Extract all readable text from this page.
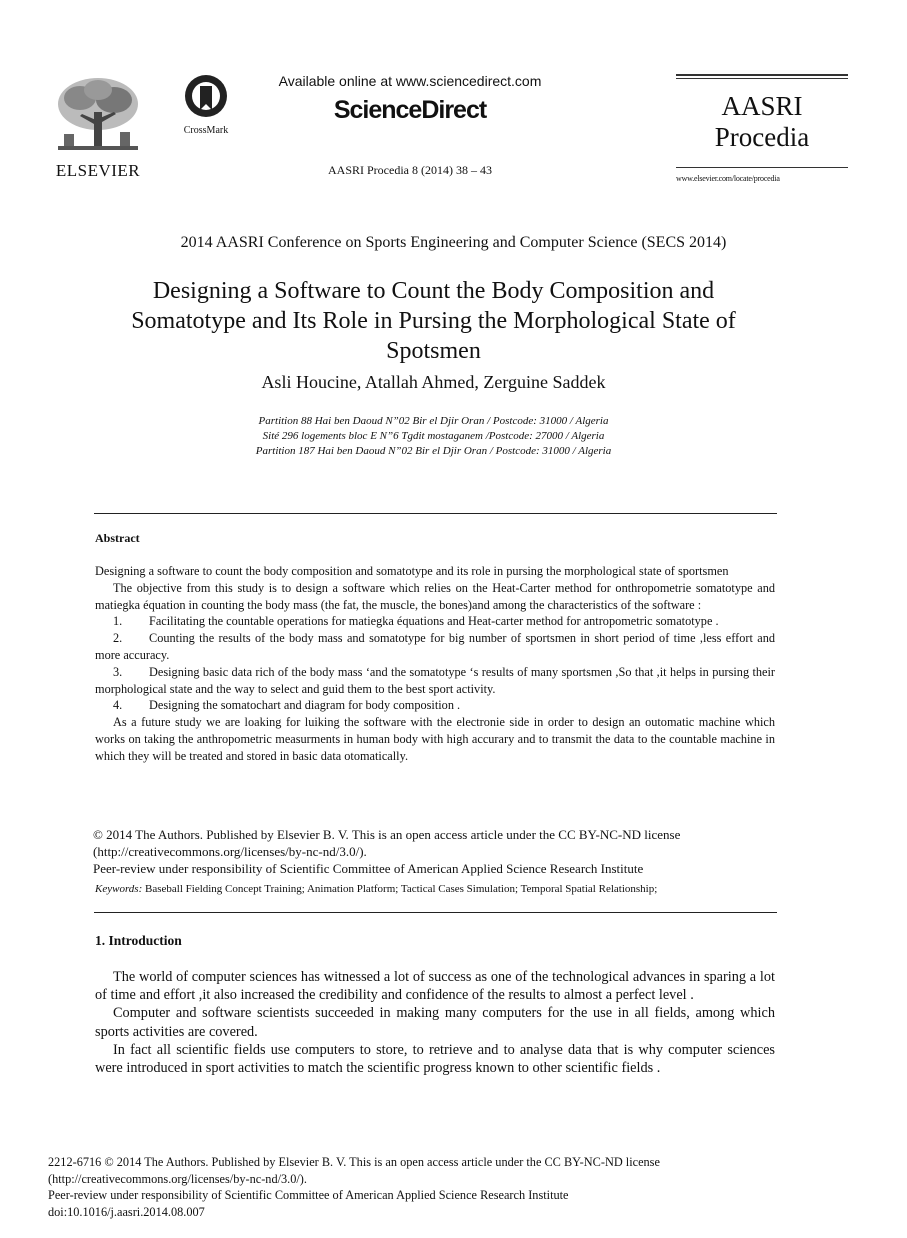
ELSEVIER
CrossMark
Available online at www.sciencedirect.com
ScienceDirect
AASRI Procedia 8 (2014) 38 – 43
AASRI
Procedia
www.elsevier.com/locate/procedia
2014 AASRI Conference on Sports Engineering and Computer Science (SECS 2014)
Designing a Software to Count the Body Composition and
Somatotype and Its Role in Pursing the Morphological State of
Spotsmen
Asli Houcine, Atallah Ahmed, Zerguine Saddek
Partition 88 Hai ben Daoud N”02 Bir el Djir Oran / Postcode: 31000 / Algeria
Sité 296 logements bloc E N”6 Tgdit mostaganem /Postcode: 27000 / Algeria
Partition 187 Hai ben Daoud N”02 Bir el Djir Oran / Postcode: 31000 / Algeria
Abstract

Designing a software to count the body composition and somatotype and its role in pursing the morphological state of sportsmen

The objective from this study is to design a software which relies on the Heat-Carter method for onthropometrie somatotype and matiegka équation in counting the body mass (the fat, the muscle, the bones)and among the characteristics of the software :

1. Facilitating the countable operations for matiegka équations and Heat-carter method for antropometric somatotype .

2. Counting the results of the body mass and somatotype for big number of sportsmen in short period of time ,less effort and more accuracy.

3. Designing basic data rich of the body mass ‘and the somatotype ‘s results of many sportsmen ,So that ,it helps in pursing their morphological state and the way to select and guid them to the best sport activity.

4. Designing the somatochart and diagram for body composition .

As a future study we are loaking for luiking the software with the electronie side in order to design an outomatic machine which works on taking the anthropometric measurments in human body with high accurary and to transmit the data to the countable machine in which they will be treated and stored in basic data otomatically.

© 2014 The Authors. Published by Elsevier B. V. This is an open access article under the CC BY-NC-ND license

(http://creativecommons.org/licenses/by-nc-nd/3.0/).

Peer-review under responsibility of Scientific Committee of American Applied Science Research Institute

Keywords: Baseball Fielding Concept Training; Animation Platform; Tactical Cases Simulation; Temporal Spatial Relationship;
1. Introduction

The world of computer sciences has witnessed a lot of success as one of the technological advances in sparing a lot of time and effort ,it also increased the credibility and confidence of the results to almost a perfect level .

Computer and software scientists succeeded in making many computers for the use in all fields, among which sports activities are covered.

In fact all scientific fields use computers to store, to retrieve and to analyse data that is why computer sciences were introduced in sport activities to match the scientific progress known to other scientific fields .

2212-6716 © 2014 The Authors. Published by Elsevier B. V. This is an open access article under the CC BY-NC-ND license

(http://creativecommons.org/licenses/by-nc-nd/3.0/).

Peer-review under responsibility of Scientific Committee of American Applied Science Research Institute

doi:10.1016/j.aasri.2014.08.007
